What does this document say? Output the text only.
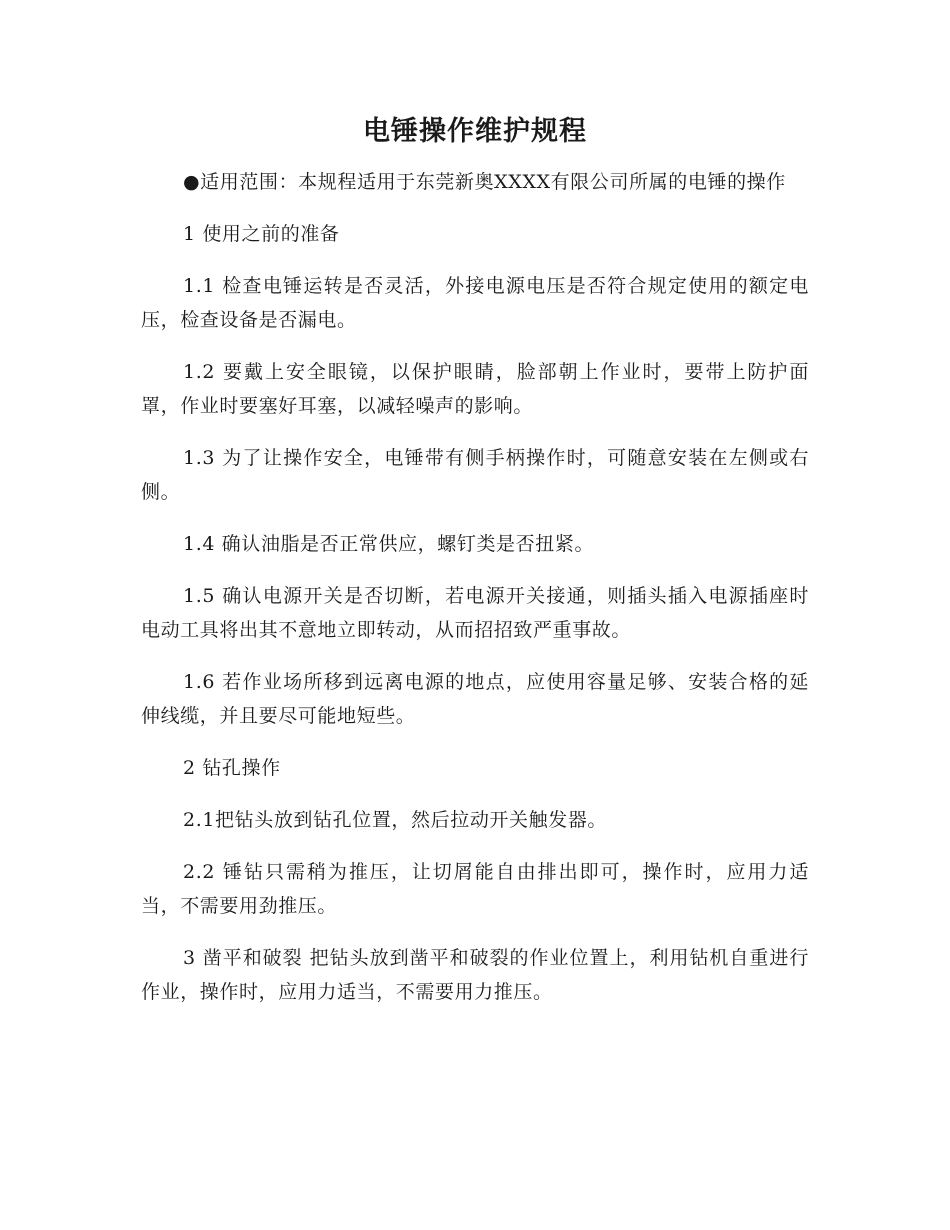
电锤操作维护规程

●适用范围：本规程适用于东莞新奥XXXX有限公司所属的电锤的操作

1 使用之前的准备

1.1 检查电锤运转是否灵活，外接电源电压是否符合规定使用的额定电压，检查设备是否漏电。

1.2 要戴上安全眼镜，以保护眼睛，脸部朝上作业时，要带上防护面罩，作业时要塞好耳塞，以减轻噪声的影响。

1.3 为了让操作安全，电锤带有侧手柄操作时，可随意安装在左侧或右侧。

1.4 确认油脂是否正常供应，螺钉类是否扭紧。

1.5 确认电源开关是否切断，若电源开关接通，则插头插入电源插座时电动工具将出其不意地立即转动，从而招招致严重事故。

1.6 若作业场所移到远离电源的地点，应使用容量足够、安装合格的延伸线缆，并且要尽可能地短些。

2 钻孔操作

2.1把钻头放到钻孔位置，然后拉动开关触发器。

2.2 锤钻只需稍为推压，让切屑能自由排出即可，操作时，应用力适当，不需要用劲推压。

3 凿平和破裂 把钻头放到凿平和破裂的作业位置上，利用钻机自重进行作业，操作时，应用力适当，不需要用力推压。
